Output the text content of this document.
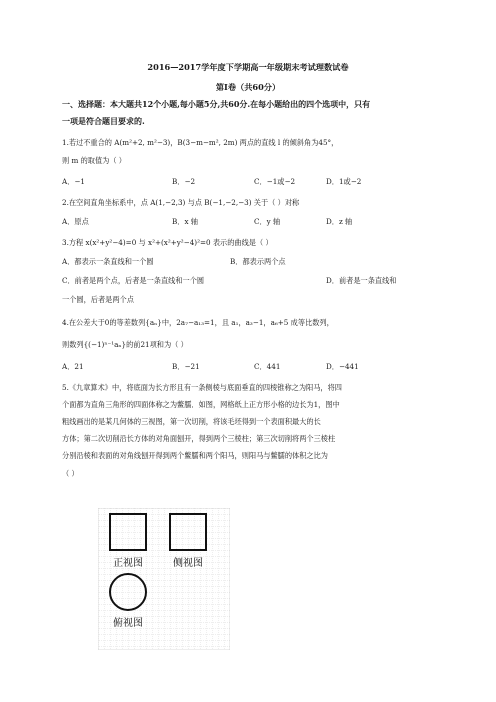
2016—2017学年度下学期高一年级期末考试理数试卷
第Ⅰ卷（共60分）
一、选择题：本大题共12个小题,每小题5分,共60分.在每小题给出的四个选项中，只有
一项是符合题目要求的.
1.若过不重合的 A(m²+2, m²−3)，B(3−m−m², 2m) 两点的直线 l 的倾斜角为45°，
则 m 的取值为（ ）
A．−1	B．−2	C．−1或−2	D．1或−2
2.在空间直角坐标系中，点 A(1,−2,3) 与点 B(−1,−2,−3) 关于（ ）对称
A．原点	B．x 轴	C．y 轴	D．z 轴
3.方程 x(x²+y²−4)=0 与 x²+(x²+y²−4)²=0 表示的曲线是（ ）
A．都表示一条直线和一个圆	B．都表示两个点
C．前者是两个点，后者是一条直线和一个圆	D．前者是一条直线和
一个圆，后者是两个点
4.在公差大于0的等差数列{aₙ}中，2a₇−a₁₃=1，且 a₁，a₃−1，a₆+5 成等比数列，
则数列{(−1)ⁿ⁻¹aₙ}的前21项和为（ ）
A．21	B．−21	C．441	D．−441
5.《九章算术》中，将底面为长方形且有一条侧棱与底面垂直的四棱锥称之为阳马，将四
个面都为直角三角形的四面体称之为鳖臑．如图，网格纸上正方形小格的边长为1，图中
粗线画出的是某几何体的三视图，第一次切削，将该毛坯得到一个表面积最大的长
方体；第二次切削沿长方体的对角面刨开，得到两个三棱柱；第三次切削将两个三棱柱
分别沿棱和表面的对角线刨开得到两个鳖臑和两个阳马，则阳马与鳖臑的体积之比为
（ ）
正视图	侧视图
俯视图
